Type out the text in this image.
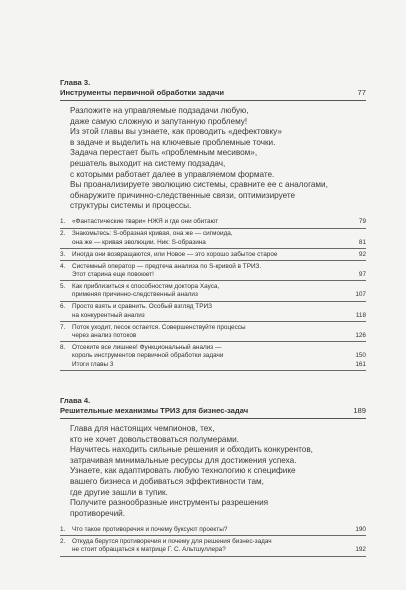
Глава 3.
Инструменты первичной обработки задачи	77
Разложите на управляемые подзадачи любую,
даже самую сложную и запутанную проблему!
Из этой главы вы узнаете, как проводить «дефектовку»
в задаче и выделить на ключевые проблемные точки.
Задача перестает быть «проблемным месивом»,
решатель выходит на систему подзадач,
с которыми работает далее в управляемом формате.
Вы проанализируете эволюцию системы, сравните ее с аналогами,
обнаружите причинно-следственные связи, оптимизируете
структуры системы и процессы.
1.	«Фантастические твари» НЖЯ и где они обитают	79
2.	Знакомьтесь: S-образная кривая, она же — сигмоида,
она же — кривая эволюции. Ник: S-образина	81
3.	Иногда они возвращаются, или Новое — это хорошо забытое старое	92
4.	Системный оператор — предтеча анализа по S-кривой в ТРИЗ.
Этот старина еще повоюет!	97
5.	Как приблизиться к способностям доктора Хауса,
применяя причинно-следственный анализ	107
6.	Просто взять и сравнить. Особый взгляд ТРИЗ
на конкурентный анализ	118
7.	Поток уходит, песок остается. Совершенствуйте процессы
через анализ потоков	126
8.	Отсеките все лишнее! Функциональный анализ —
король инструментов первичной обработки задачи	150
Итоги главы 3	161
Глава 4.
Решительные механизмы ТРИЗ для бизнес-задач	189
Глава для настоящих чемпионов, тех,
кто не хочет довольствоваться полумерами.
Научитесь находить сильные решения и обходить конкурентов,
затрачивая минимальные ресурсы для достижения успеха.
Узнаете, как адаптировать любую технологию к специфике
вашего бизнеса и добиваться эффективности там,
где другие зашли в тупик.
Получите разнообразные инструменты разрешения
противоречий.
1.	Что такое противоречия и почему буксуют проекты?	190
2.	Откуда берутся противоречия и почему для решения бизнес-задач
не стоит обращаться к матрице Г. С. Альтшуллера?	192
